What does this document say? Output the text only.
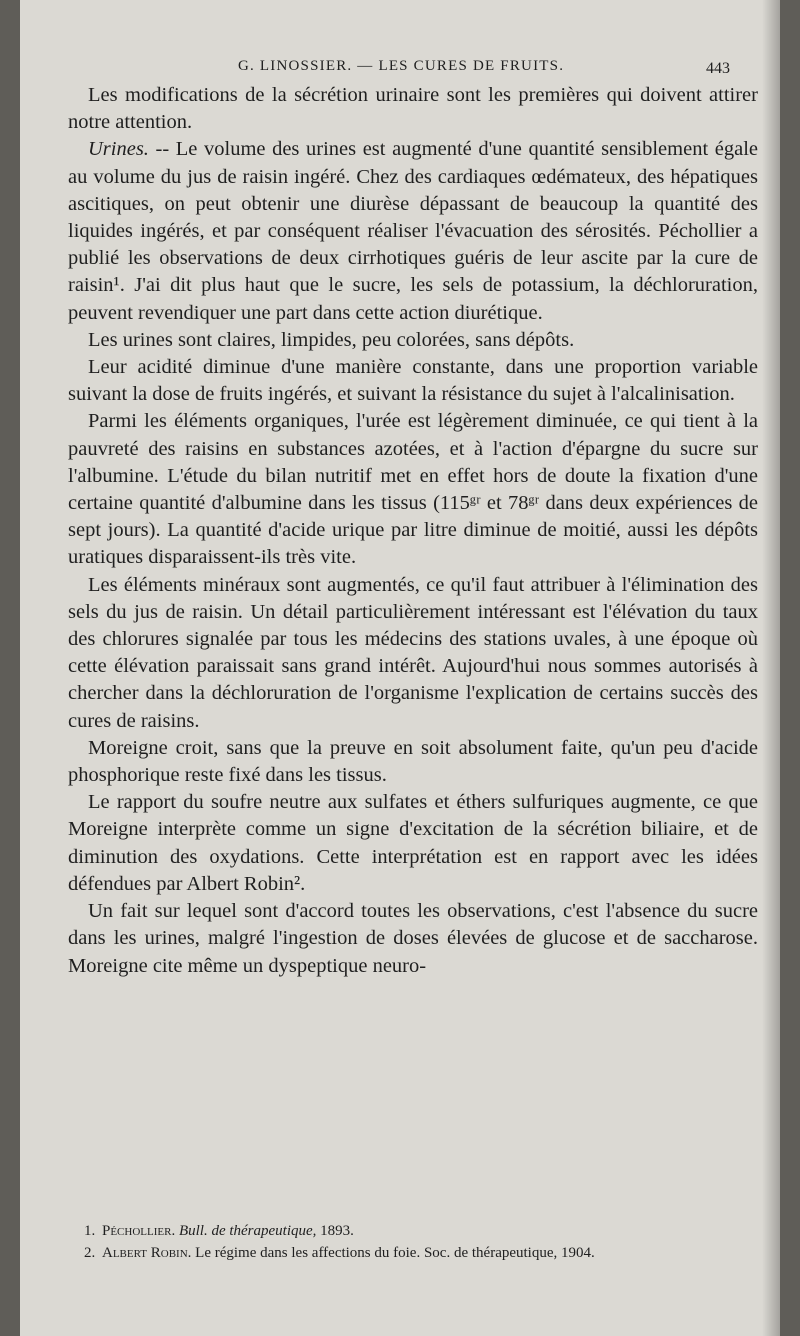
G. LINOSSIER. — LES CURES DE FRUITS.	443

Les modifications de la sécrétion urinaire sont les premières qui doivent attirer notre attention.

Urines. -- Le volume des urines est augmenté d'une quantité sensiblement égale au volume du jus de raisin ingéré. Chez des cardiaques œdémateux, des hépatiques ascitiques, on peut obtenir une diurèse dépassant de beaucoup la quantité des liquides ingérés, et par conséquent réaliser l'évacuation des sérosités. Péchollier a publié les observations de deux cirrhotiques guéris de leur ascite par la cure de raisin¹. J'ai dit plus haut que le sucre, les sels de potassium, la déchloruration, peuvent revendiquer une part dans cette action diurétique.

Les urines sont claires, limpides, peu colorées, sans dépôts.

Leur acidité diminue d'une manière constante, dans une proportion variable suivant la dose de fruits ingérés, et suivant la résistance du sujet à l'alcalinisation.

Parmi les éléments organiques, l'urée est légèrement diminuée, ce qui tient à la pauvreté des raisins en substances azotées, et à l'action d'épargne du sucre sur l'albumine. L'étude du bilan nutritif met en effet hors de doute la fixation d'une certaine quantité d'albumine dans les tissus (115ᵍʳ et 78ᵍʳ dans deux expériences de sept jours). La quantité d'acide urique par litre diminue de moitié, aussi les dépôts uratiques disparaissent-ils très vite.

Les éléments minéraux sont augmentés, ce qu'il faut attribuer à l'élimination des sels du jus de raisin. Un détail particulièrement intéressant est l'élévation du taux des chlorures signalée par tous les médecins des stations uvales, à une époque où cette élévation paraissait sans grand intérêt. Aujourd'hui nous sommes autorisés à chercher dans la déchloruration de l'organisme l'explication de certains succès des cures de raisins.

Moreigne croit, sans que la preuve en soit absolument faite, qu'un peu d'acide phosphorique reste fixé dans les tissus.

Le rapport du soufre neutre aux sulfates et éthers sulfuriques augmente, ce que Moreigne interprète comme un signe d'excitation de la sécrétion biliaire, et de diminution des oxydations. Cette interprétation est en rapport avec les idées défendues par Albert Robin².

Un fait sur lequel sont d'accord toutes les observations, c'est l'absence du sucre dans les urines, malgré l'ingestion de doses élevées de glucose et de saccharose. Moreigne cite même un dyspeptique neuro-

1. Péchollier. Bull. de thérapeutique, 1893.

2. Albert Robin. Le régime dans les affections du foie. Soc. de thérapeutique, 1904.
